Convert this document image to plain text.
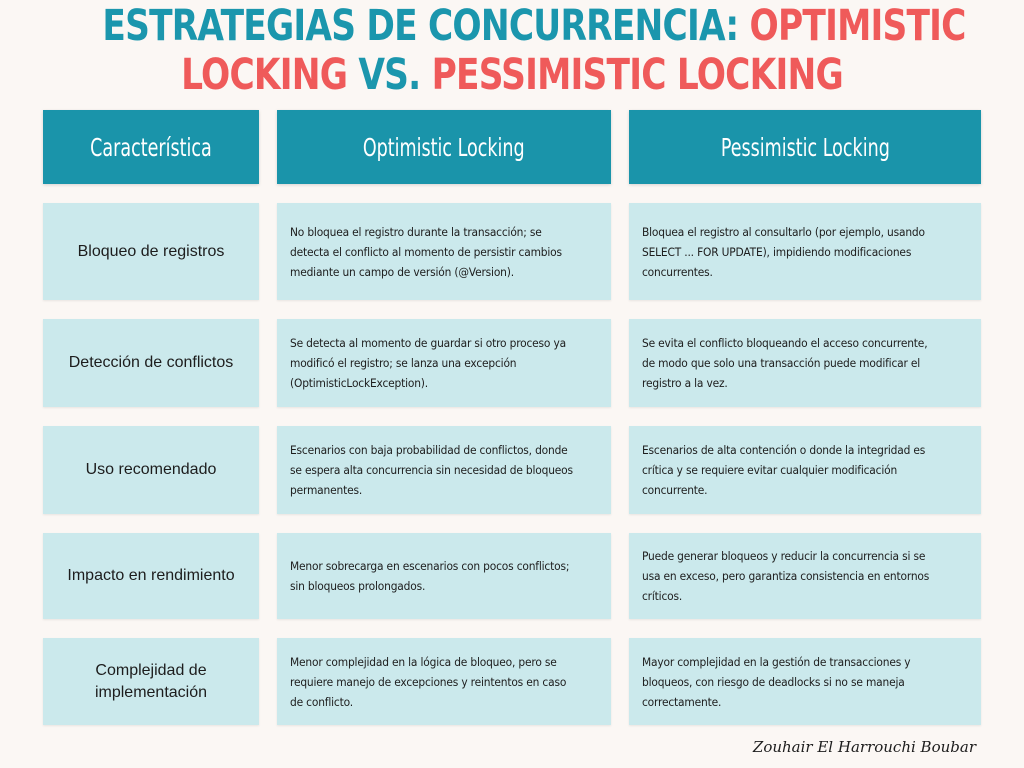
ESTRATEGIAS DE CONCURRENCIA: OPTIMISTIC
LOCKING VS. PESSIMISTIC LOCKING
Característica	Optimistic Locking	Pessimistic Locking
Bloqueo de registros
No bloquea el registro durante la transacción; se detecta el conflicto al momento de persistir cambios mediante un campo de versión (@Version).
Bloquea el registro al consultarlo (por ejemplo, usando SELECT ... FOR UPDATE), impidiendo modificaciones concurrentes.
Detección de conflictos
Se detecta al momento de guardar si otro proceso ya modificó el registro; se lanza una excepción (OptimisticLockException).
Se evita el conflicto bloqueando el acceso concurrente, de modo que solo una transacción puede modificar el registro a la vez.
Uso recomendado
Escenarios con baja probabilidad de conflictos, donde se espera alta concurrencia sin necesidad de bloqueos permanentes.
Escenarios de alta contención o donde la integridad es crítica y se requiere evitar cualquier modificación concurrente.
Impacto en rendimiento
Menor sobrecarga en escenarios con pocos conflictos; sin bloqueos prolongados.
Puede generar bloqueos y reducir la concurrencia si se usa en exceso, pero garantiza consistencia en entornos críticos.
Complejidad de implementación
Menor complejidad en la lógica de bloqueo, pero se requiere manejo de excepciones y reintentos en caso de conflicto.
Mayor complejidad en la gestión de transacciones y bloqueos, con riesgo de deadlocks si no se maneja correctamente.
Zouhair El Harrouchi Boubar
